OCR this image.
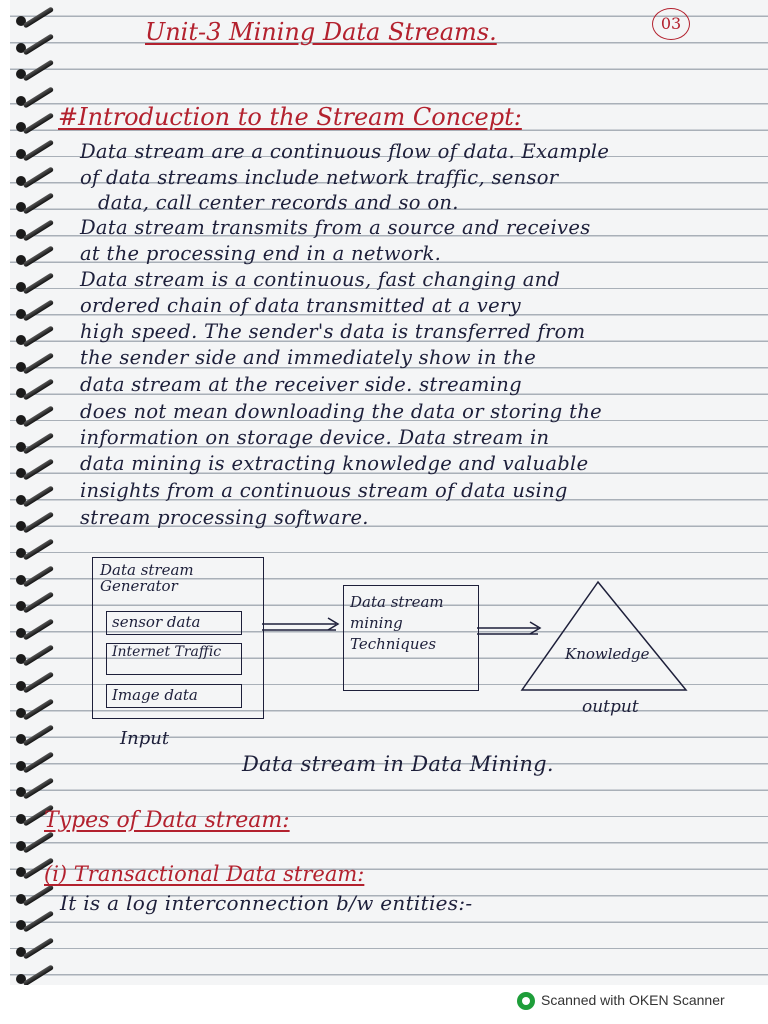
Unit-3 Mining Data Streams.	03
#Introduction to the Stream Concept:
Data stream are a continuous flow of data. Example
of data streams include network traffic, sensor
data, call center records and so on.
Data stream transmits from a source and receives
at the processing end in a network.
Data stream is a continuous, fast changing and
ordered chain of data transmitted at a very
high speed. The sender's data is transferred from
the sender side and immediately show in the
data stream at the receiver side. streaming
does not mean downloading the data or storing the
information on storage device. Data stream in
data mining is extracting knowledge and valuable
insights from a continuous stream of data using
stream processing software.
Data stream Generator
sensor data
Internet Traffic
Image data
Input
Data stream mining Techniques
Knowledge
output
Data stream in Data Mining.
Types of Data stream:
(i) Transactional Data stream:
It is a log interconnection b/w entities:-
Scanned with OKEN Scanner
